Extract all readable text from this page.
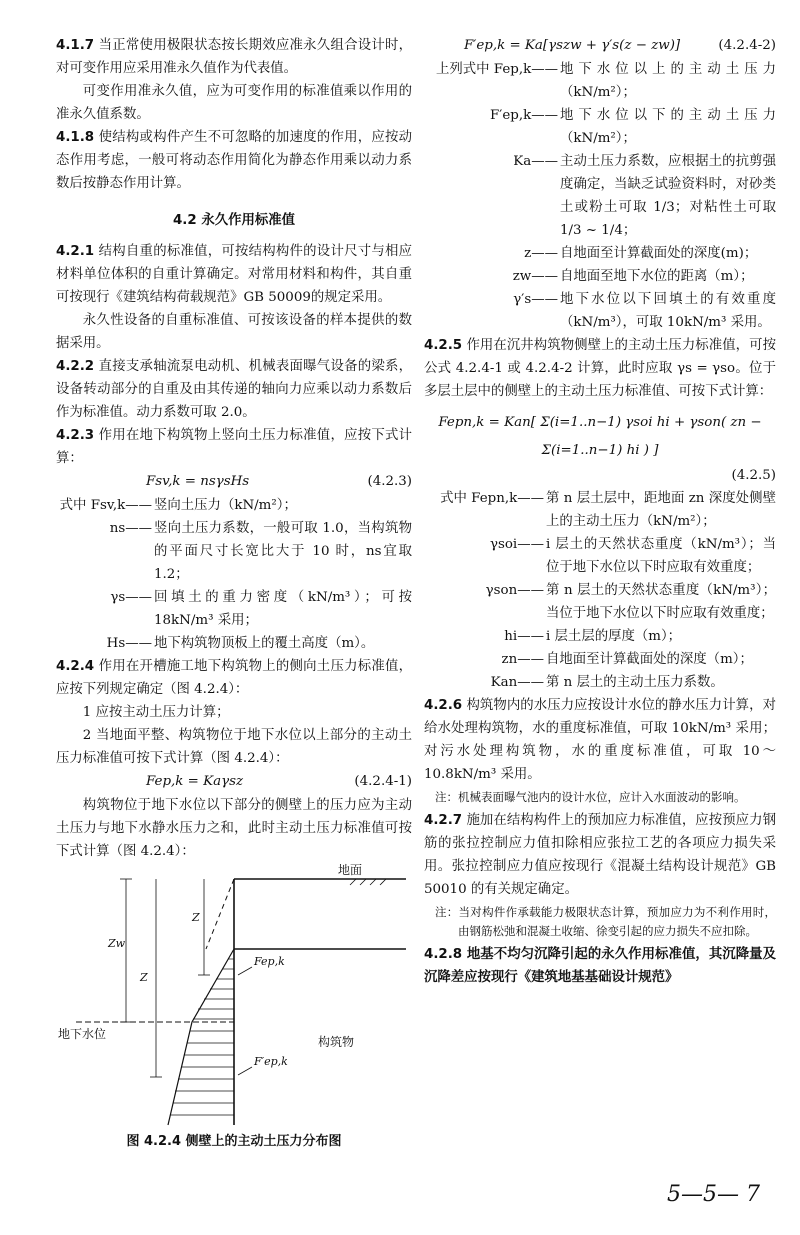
4.1.7 当正常使用极限状态按长期效应准永久组合设计时，对可变作用应采用准永久值作为代表值。

可变作用准永久值，应为可变作用的标准值乘以作用的准永久值系数。

4.1.8 使结构或构件产生不可忽略的加速度的作用，应按动态作用考虑，一般可将动态作用简化为静态作用乘以动力系数后按静态作用计算。

4.2 永久作用标准值

4.2.1 结构自重的标准值，可按结构构件的设计尺寸与相应材料单位体积的自重计算确定。对常用材料和构件，其自重可按现行《建筑结构荷载规范》GB 50009的规定采用。

永久性设备的自重标准值、可按该设备的样本提供的数据采用。

4.2.2 直接支承轴流泵电动机、机械表面曝气设备的梁系，设备转动部分的自重及由其传递的轴向力应乘以动力系数后作为标准值。动力系数可取 2.0。

4.2.3 作用在地下构筑物上竖向土压力标准值，应按下式计算：

Fsv,k = nsγsHs	(4.2.3)
式中 Fsv,k—— 竖向土压力（kN/m²）；
ns—— 竖向土压力系数，一般可取 1.0，当构筑物的平面尺寸长宽比大于 10 时，ns宜取 1.2；
γs—— 回填土的重力密度（kN/m³）；可按 18kN/m³ 采用；
Hs—— 地下构筑物顶板上的覆土高度（m）。

4.2.4 作用在开槽施工地下构筑物上的侧向土压力标准值，应按下列规定确定（图 4.2.4）：

1 应按主动土压力计算；

2 当地面平整、构筑物位于地下水位以上部分的主动土压力标准值可按下式计算（图 4.2.4）：

Fep,k = Kaγsz	(4.2.4-1)

构筑物位于地下水位以下部分的侧壁上的压力应为主动土压力与地下水静水压力之和，此时主动土压力标准值可按下式计算（图 4.2.4）：

地面
地下水位
构筑物
Zw
Z
Z
Fep,k
F′ep,k
图 4.2.4 侧壁上的主动土压力分布图
F′ep,k = Ka[γszw + γ′s(z − zw)]	(4.2.4-2)
上列式中 Fep,k—— 地下水位以上的主动土压力（kN/m²）；
F′ep,k—— 地下水位以下的主动土压力（kN/m²）；
Ka—— 主动土压力系数，应根据土的抗剪强度确定，当缺乏试验资料时，对砂类土或粉土可取 1/3；对粘性土可取 1/3 ~ 1/4；
z—— 自地面至计算截面处的深度(m)；
zw—— 自地面至地下水位的距离（m）；
γ′s—— 地下水位以下回填土的有效重度（kN/m³），可取 10kN/m³ 采用。

4.2.5 作用在沉井构筑物侧壁上的主动土压力标准值，可按公式 4.2.4-1 或 4.2.4-2 计算，此时应取 γs = γso。位于多层土层中的侧壁上的主动土压力标准值、可按下式计算：

Fepn,k = Kan[ Σ(i=1..n−1) γsoi hi + γson( zn − Σ(i=1..n−1) hi ) ]
(4.2.5)
式中 Fepn,k—— 第 n 层土层中，距地面 zn 深度处侧壁上的主动土压力（kN/m²）；
γsoi—— i 层土的天然状态重度（kN/m³）；当位于地下水位以下时应取有效重度；
γson—— 第 n 层土的天然状态重度（kN/m³）；当位于地下水位以下时应取有效重度；
hi—— i 层土层的厚度（m）；
zn—— 自地面至计算截面处的深度（m）；
Kan—— 第 n 层土的主动土压力系数。

4.2.6 构筑物内的水压力应按设计水位的静水压力计算，对给水处理构筑物，水的重度标准值，可取 10kN/m³ 采用；对污水处理构筑物，水的重度标准值，可取 10～10.8kN/m³ 采用。

注：机械表面曝气池内的设计水位，应计入水面波动的影响。

4.2.7 施加在结构构件上的预加应力标准值，应按预应力钢筋的张拉控制应力值扣除相应张拉工艺的各项应力损失采用。张拉控制应力值应按现行《混凝土结构设计规范》GB 50010 的有关规定确定。

注：当对构件作承载能力极限状态计算，预加应力为不利作用时，由钢筋松弛和混凝土收缩、徐变引起的应力损失不应扣除。

4.2.8 地基不均匀沉降引起的永久作用标准值，其沉降量及沉降差应按现行《建筑地基基础设计规范》

5—5— 7
